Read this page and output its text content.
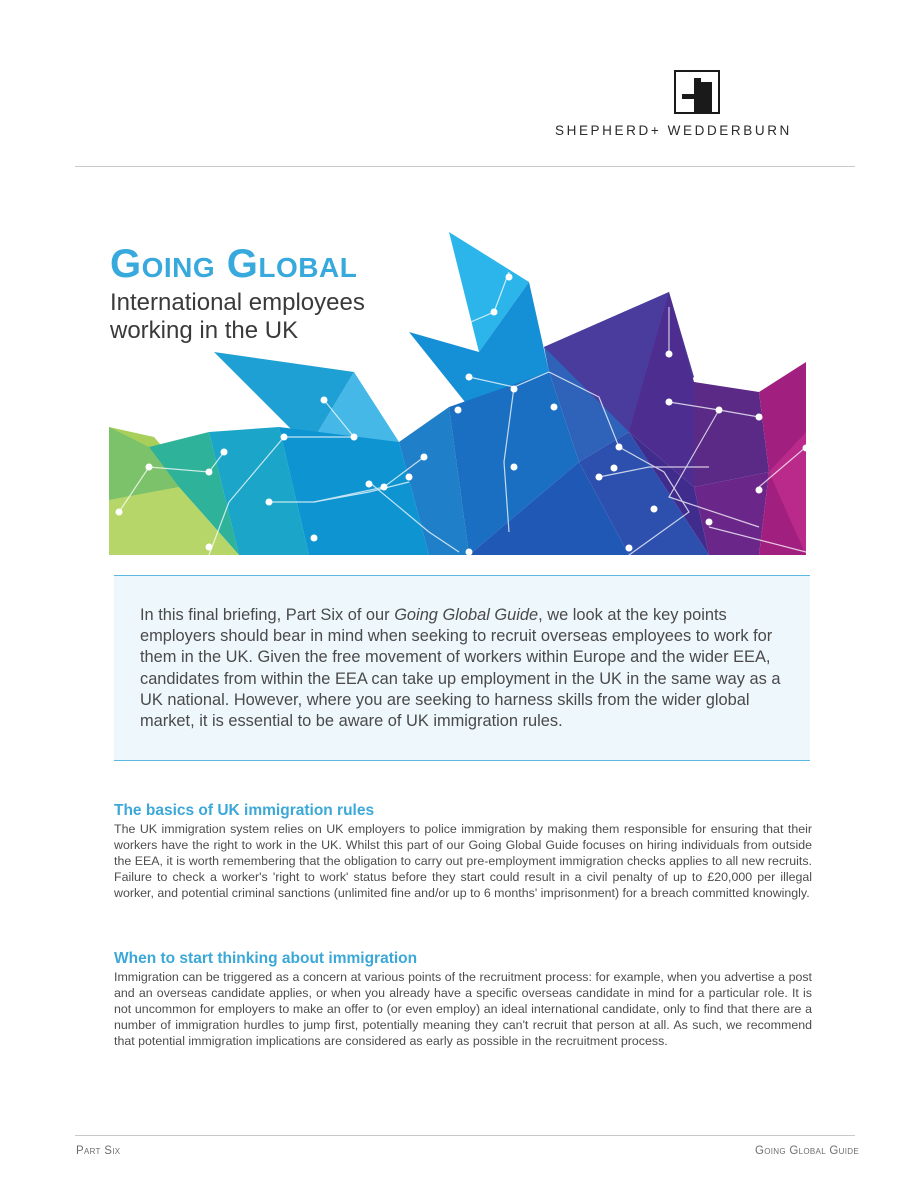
SHEPHERD+ WEDDERBURN
Going Global
International employees working in the UK
In this final briefing, Part Six of our Going Global Guide, we look at the key points employers should bear in mind when seeking to recruit overseas employees to work for them in the UK. Given the free movement of workers within Europe and the wider EEA, candidates from within the EEA can take up employment in the UK in the same way as a UK national. However, where you are seeking to harness skills from the wider global market, it is essential to be aware of UK immigration rules.
The basics of UK immigration rules
The UK immigration system relies on UK employers to police immigration by making them responsible for ensuring that their workers have the right to work in the UK. Whilst this part of our Going Global Guide focuses on hiring individuals from outside the EEA, it is worth remembering that the obligation to carry out pre-employment immigration checks applies to all new recruits. Failure to check a worker's 'right to work' status before they start could result in a civil penalty of up to £20,000 per illegal worker, and potential criminal sanctions (unlimited fine and/or up to 6 months' imprisonment) for a breach committed knowingly.
When to start thinking about immigration
Immigration can be triggered as a concern at various points of the recruitment process: for example, when you advertise a post and an overseas candidate applies, or when you already have a specific overseas candidate in mind for a particular role. It is not uncommon for employers to make an offer to (or even employ) an ideal international candidate, only to find that there are a number of immigration hurdles to jump first, potentially meaning they can't recruit that person at all. As such, we recommend that potential immigration implications are considered as early as possible in the recruitment process.
Part Six	Going Global Guide
